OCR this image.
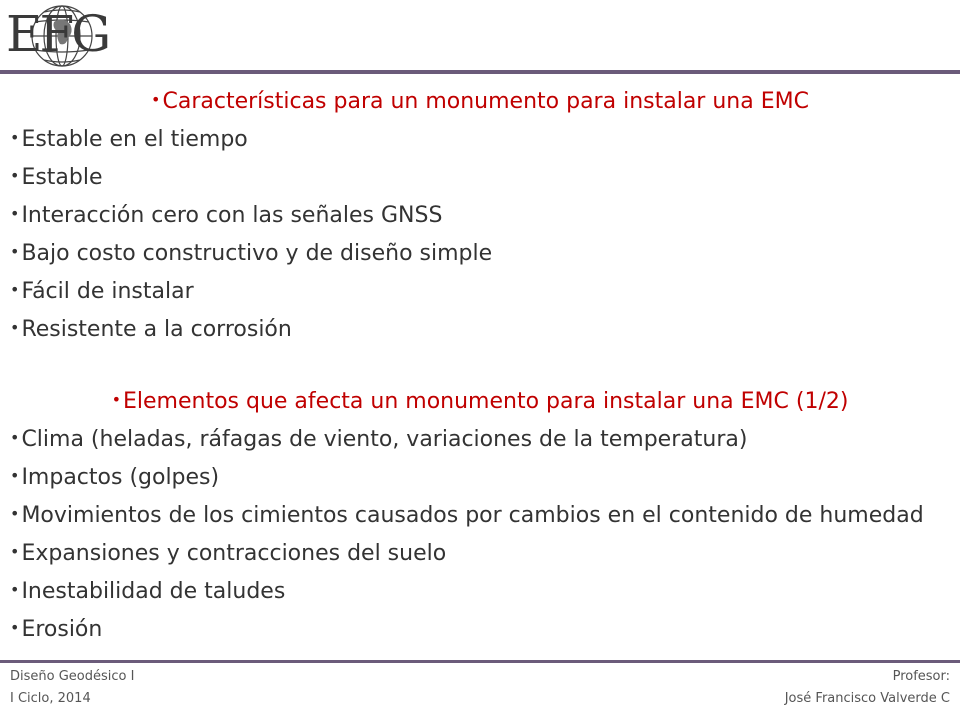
EFG
•Características para un monumento para instalar una EMC
•Estable en el tiempo
•Estable
•Interacción cero con las señales GNSS
•Bajo costo constructivo y de diseño simple
•Fácil de instalar
•Resistente a la corrosión
•Elementos que afecta un monumento para instalar una EMC (1/2)
•Clima (heladas, ráfagas de viento, variaciones de la temperatura)
•Impactos (golpes)
•Movimientos de los cimientos causados por cambios en el contenido de humedad
•Expansiones y contracciones del suelo
•Inestabilidad de taludes
•Erosión
Diseño Geodésico I
I Ciclo, 2014
Profesor:
José Francisco Valverde C
